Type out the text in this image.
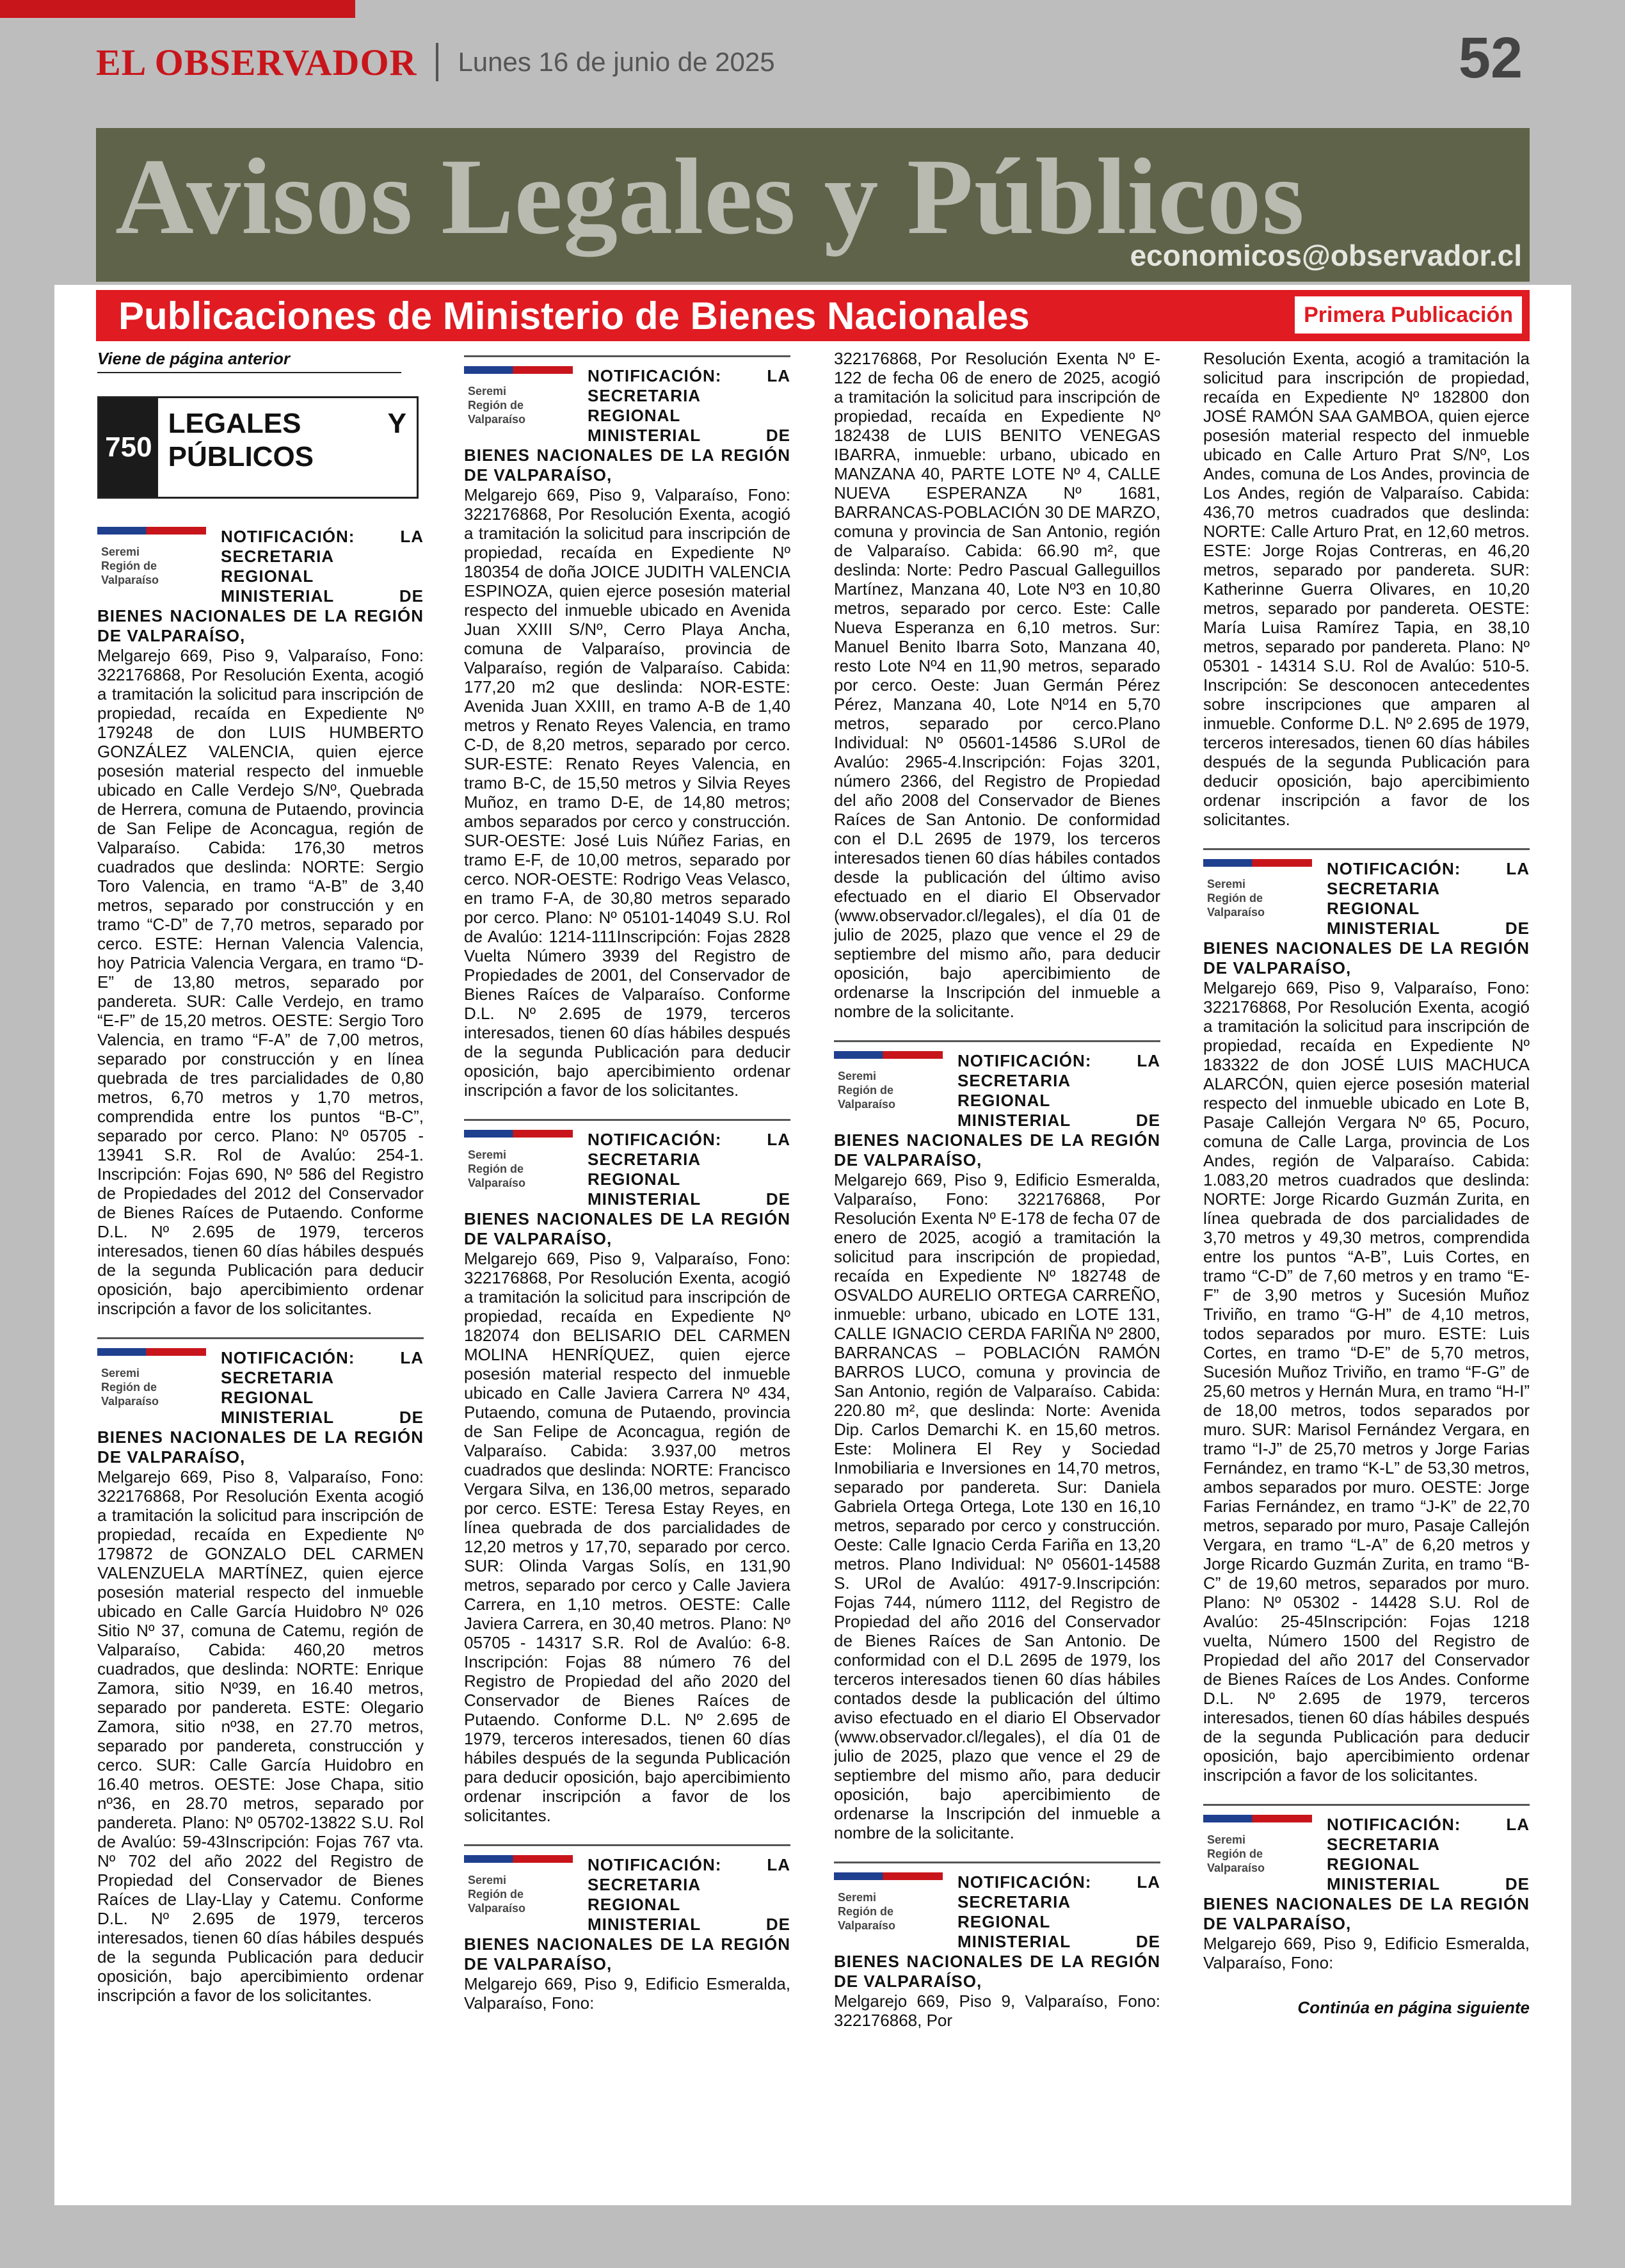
EL OBSERVADOR Lunes 16 de junio de 2025	52
Avisos Legales y Públicos
economicos@observador.cl
Publicaciones de Ministerio de Bienes Nacionales	Primera Publicación
Viene de página anterior
750
LEGALES Y PÚBLICOS
Seremi
Región de
Valparaíso
NOTIFICACIÓN: LA SECRETARIA REGIONAL MINISTERIAL DE BIENES NACIONALES DE LA REGIÓN DE VALPARAÍSO,
Melgarejo 669, Piso 9, Valparaíso, Fono: 322176868, Por Resolución Exenta, acogió a tramitación la solicitud para inscripción de propiedad, recaída en Expediente Nº 179248 de don LUIS HUMBERTO GONZÁLEZ VALENCIA, quien ejerce posesión material respecto del inmueble ubicado en Calle Verdejo S/Nº, Quebrada de Herrera, comuna de Putaendo, provincia de San Felipe de Aconcagua, región de Valparaíso. Cabida: 176,30 metros cuadrados que deslinda: NORTE: Sergio Toro Valencia, en tramo “A-B” de 3,40 metros, separado por construcción y en tramo “C-D” de 7,70 metros, separado por cerco. ESTE: Hernan Valencia Valencia, hoy Patricia Valencia Vergara, en tramo “D-E” de 13,80 metros, separado por pandereta. SUR: Calle Verdejo, en tramo “E-F” de 15,20 metros. OESTE: Sergio Toro Valencia, en tramo “F-A” de 7,00 metros, separado por construcción y en línea quebrada de tres parcialidades de 0,80 metros, 6,70 metros y 1,70 metros, comprendida entre los puntos “B-C”, separado por cerco. Plano: Nº 05705 - 13941 S.R. Rol de Avalúo: 254-1. Inscripción: Fojas 690, Nº 586 del Registro de Propiedades del 2012 del Conservador de Bienes Raíces de Putaendo. Conforme D.L. Nº 2.695 de 1979, terceros interesados, tienen 60 días hábiles después de la segunda Publicación para deducir oposición, bajo apercibimiento ordenar inscripción a favor de los solicitantes.
Seremi
Región de
Valparaíso
NOTIFICACIÓN: LA SECRETARIA REGIONAL MINISTERIAL DE BIENES NACIONALES DE LA REGIÓN DE VALPARAÍSO,
Melgarejo 669, Piso 8, Valparaíso, Fono: 322176868, Por Resolución Exenta acogió a tramitación la solicitud para inscripción de propiedad, recaída en Expediente Nº 179872 de GONZALO DEL CARMEN VALENZUELA MARTÍNEZ, quien ejerce posesión material respecto del inmueble ubicado en Calle García Huidobro Nº 026 Sitio Nº 37, comuna de Catemu, región de Valparaíso, Cabida: 460,20 metros cuadrados, que deslinda: NORTE: Enrique Zamora, sitio Nº39, en 16.40 metros, separado por pandereta. ESTE: Olegario Zamora, sitio nº38, en 27.70 metros, separado por pandereta, construcción y cerco. SUR: Calle García Huidobro en 16.40 metros. OESTE: Jose Chapa, sitio nº36, en 28.70 metros, separado por pandereta. Plano: Nº 05702-13822 S.U. Rol de Avalúo: 59-43Inscripción: Fojas 767 vta. Nº 702 del año 2022 del Registro de Propiedad del Conservador de Bienes Raíces de Llay-Llay y Catemu. Conforme D.L. Nº 2.695 de 1979, terceros interesados, tienen 60 días hábiles después de la segunda Publicación para deducir oposición, bajo apercibimiento ordenar inscripción a favor de los solicitantes.
Seremi
Región de
Valparaíso
NOTIFICACIÓN: LA SECRETARIA REGIONAL MINISTERIAL DE BIENES NACIONALES DE LA REGIÓN DE VALPARAÍSO,
Melgarejo 669, Piso 9, Valparaíso, Fono: 322176868, Por Resolución Exenta, acogió a tramitación la solicitud para inscripción de propiedad, recaída en Expediente Nº 180354 de doña JOICE JUDITH VALENCIA ESPINOZA, quien ejerce posesión material respecto del inmueble ubicado en Avenida Juan XXIII S/Nº, Cerro Playa Ancha, comuna de Valparaíso, provincia de Valparaíso, región de Valparaíso. Cabida: 177,20 m2 que deslinda: NOR-ESTE: Avenida Juan XXIII, en tramo A-B de 1,40 metros y Renato Reyes Valencia, en tramo C-D, de 8,20 metros, separado por cerco. SUR-ESTE: Renato Reyes Valencia, en tramo B-C, de 15,50 metros y Silvia Reyes Muñoz, en tramo D-E, de 14,80 metros; ambos separados por cerco y construcción. SUR-OESTE: José Luis Núñez Farias, en tramo E-F, de 10,00 metros, separado por cerco. NOR-OESTE: Rodrigo Veas Velasco, en tramo F-A, de 30,80 metros separado por cerco. Plano: Nº 05101-14049 S.U. Rol de Avalúo: 1214-111Inscripción: Fojas 2828 Vuelta Número 3939 del Registro de Propiedades de 2001, del Conservador de Bienes Raíces de Valparaíso. Conforme D.L. Nº 2.695 de 1979, terceros interesados, tienen 60 días hábiles después de la segunda Publicación para deducir oposición, bajo apercibimiento ordenar inscripción a favor de los solicitantes.
Seremi
Región de
Valparaíso
NOTIFICACIÓN: LA SECRETARIA REGIONAL MINISTERIAL DE BIENES NACIONALES DE LA REGIÓN DE VALPARAÍSO,
Melgarejo 669, Piso 9, Valparaíso, Fono: 322176868, Por Resolución Exenta, acogió a tramitación la solicitud para inscripción de propiedad, recaída en Expediente Nº 182074 don BELISARIO DEL CARMEN MOLINA HENRÍQUEZ, quien ejerce posesión material respecto del inmueble ubicado en Calle Javiera Carrera Nº 434, Putaendo, comuna de Putaendo, provincia de San Felipe de Aconcagua, región de Valparaíso. Cabida: 3.937,00 metros cuadrados que deslinda: NORTE: Francisco Vergara Silva, en 136,00 metros, separado por cerco. ESTE: Teresa Estay Reyes, en línea quebrada de dos parcialidades de 12,20 metros y 17,70, separado por cerco. SUR: Olinda Vargas Solís, en 131,90 metros, separado por cerco y Calle Javiera Carrera, en 1,10 metros. OESTE: Calle Javiera Carrera, en 30,40 metros. Plano: Nº 05705 - 14317 S.R. Rol de Avalúo: 6-8. Inscripción: Fojas 88 número 76 del Registro de Propiedad del año 2020 del Conservador de Bienes Raíces de Putaendo. Conforme D.L. Nº 2.695 de 1979, terceros interesados, tienen 60 días hábiles después de la segunda Publicación para deducir oposición, bajo apercibimiento ordenar inscripción a favor de los solicitantes.
Seremi
Región de
Valparaíso
NOTIFICACIÓN: LA SECRETARIA REGIONAL MINISTERIAL DE BIENES NACIONALES DE LA REGIÓN DE VALPARAÍSO,
Melgarejo 669, Piso 9, Edificio Esmeralda, Valparaíso, Fono:
322176868, Por Resolución Exenta Nº E-122 de fecha 06 de enero de 2025, acogió a tramitación la solicitud para inscripción de propiedad, recaída en Expediente Nº 182438 de LUIS BENITO VENEGAS IBARRA, inmueble: urbano, ubicado en MANZANA 40, PARTE LOTE Nº 4, CALLE NUEVA ESPERANZA Nº 1681, BARRANCAS-POBLACIÓN 30 DE MARZO, comuna y provincia de San Antonio, región de Valparaíso. Cabida: 66.90 m², que deslinda: Norte: Pedro Pascual Galleguillos Martínez, Manzana 40, Lote Nº3 en 10,80 metros, separado por cerco. Este: Calle Nueva Esperanza en 6,10 metros. Sur: Manuel Benito Ibarra Soto, Manzana 40, resto Lote Nº4 en 11,90 metros, separado por cerco. Oeste: Juan Germán Pérez Pérez, Manzana 40, Lote Nº14 en 5,70 metros, separado por cerco.Plano Individual: Nº 05601-14586 S.URol de Avalúo: 2965-4.Inscripción: Fojas 3201, número 2366, del Registro de Propiedad del año 2008 del Conservador de Bienes Raíces de San Antonio. De conformidad con el D.L 2695 de 1979, los terceros interesados tienen 60 días hábiles contados desde la publicación del último aviso efectuado en el diario El Observador (www.observador.cl/legales), el día 01 de julio de 2025, plazo que vence el 29 de septiembre del mismo año, para deducir oposición, bajo apercibimiento de ordenarse la Inscripción del inmueble a nombre de la solicitante.
Seremi
Región de
Valparaíso
NOTIFICACIÓN: LA SECRETARIA REGIONAL MINISTERIAL DE BIENES NACIONALES DE LA REGIÓN DE VALPARAÍSO,
Melgarejo 669, Piso 9, Edificio Esmeralda, Valparaíso, Fono: 322176868, Por Resolución Exenta Nº E-178 de fecha 07 de enero de 2025, acogió a tramitación la solicitud para inscripción de propiedad, recaída en Expediente Nº 182748 de OSVALDO AURELIO ORTEGA CARREÑO, inmueble: urbano, ubicado en LOTE 131, CALLE IGNACIO CERDA FARIÑA Nº 2800, BARRANCAS – POBLACIÓN RAMÓN BARROS LUCO, comuna y provincia de San Antonio, región de Valparaíso. Cabida: 220.80 m², que deslinda: Norte: Avenida Dip. Carlos Demarchi K. en 15,60 metros. Este: Molinera El Rey y Sociedad Inmobiliaria e Inversiones en 14,70 metros, separado por pandereta. Sur: Daniela Gabriela Ortega Ortega, Lote 130 en 16,10 metros, separado por cerco y construcción. Oeste: Calle Ignacio Cerda Fariña en 13,20 metros. Plano Individual: Nº 05601-14588 S. URol de Avalúo: 4917-9.Inscripción: Fojas 744, número 1112, del Registro de Propiedad del año 2016 del Conservador de Bienes Raíces de San Antonio. De conformidad con el D.L 2695 de 1979, los terceros interesados tienen 60 días hábiles contados desde la publicación del último aviso efectuado en el diario El Observador (www.observador.cl/legales), el día 01 de julio de 2025, plazo que vence el 29 de septiembre del mismo año, para deducir oposición, bajo apercibimiento de ordenarse la Inscripción del inmueble a nombre de la solicitante.
Seremi
Región de
Valparaíso
NOTIFICACIÓN: LA SECRETARIA REGIONAL MINISTERIAL DE BIENES NACIONALES DE LA REGIÓN DE VALPARAÍSO,
Melgarejo 669, Piso 9, Valparaíso, Fono: 322176868, Por
Resolución Exenta, acogió a tramitación la solicitud para inscripción de propiedad, recaída en Expediente Nº 182800 don JOSÉ RAMÓN SAA GAMBOA, quien ejerce posesión material respecto del inmueble ubicado en Calle Arturo Prat S/Nº, Los Andes, comuna de Los Andes, provincia de Los Andes, región de Valparaíso. Cabida: 436,70 metros cuadrados que deslinda: NORTE: Calle Arturo Prat, en 12,60 metros. ESTE: Jorge Rojas Contreras, en 46,20 metros, separado por pandereta. SUR: Katherinne Guerra Olivares, en 10,20 metros, separado por pandereta. OESTE: María Luisa Ramírez Tapia, en 38,10 metros, separado por pandereta. Plano: Nº 05301 - 14314 S.U. Rol de Avalúo: 510-5. Inscripción: Se desconocen antecedentes sobre inscripciones que amparen al inmueble. Conforme D.L. Nº 2.695 de 1979, terceros interesados, tienen 60 días hábiles después de la segunda Publicación para deducir oposición, bajo apercibimiento ordenar inscripción a favor de los solicitantes.
Seremi
Región de
Valparaíso
NOTIFICACIÓN: LA SECRETARIA REGIONAL MINISTERIAL DE BIENES NACIONALES DE LA REGIÓN DE VALPARAÍSO,
Melgarejo 669, Piso 9, Valparaíso, Fono: 322176868, Por Resolución Exenta, acogió a tramitación la solicitud para inscripción de propiedad, recaída en Expediente Nº 183322 de don JOSÉ LUIS MACHUCA ALARCÓN, quien ejerce posesión material respecto del inmueble ubicado en Lote B, Pasaje Callejón Vergara Nº 65, Pocuro, comuna de Calle Larga, provincia de Los Andes, región de Valparaíso. Cabida: 1.083,20 metros cuadrados que deslinda: NORTE: Jorge Ricardo Guzmán Zurita, en línea quebrada de dos parcialidades de 3,70 metros y 49,30 metros, comprendida entre los puntos “A-B”, Luis Cortes, en tramo “C-D” de 7,60 metros y en tramo “E-F” de 3,90 metros y Sucesión Muñoz Triviño, en tramo “G-H” de 4,10 metros, todos separados por muro. ESTE: Luis Cortes, en tramo “D-E” de 5,70 metros, Sucesión Muñoz Triviño, en tramo “F-G” de 25,60 metros y Hernán Mura, en tramo “H-I” de 18,00 metros, todos separados por muro. SUR: Marisol Fernández Vergara, en tramo “I-J” de 25,70 metros y Jorge Farias Fernández, en tramo “K-L” de 53,30 metros, ambos separados por muro. OESTE: Jorge Farias Fernández, en tramo “J-K” de 22,70 metros, separado por muro, Pasaje Callejón Vergara, en tramo “L-A” de 6,20 metros y Jorge Ricardo Guzmán Zurita, en tramo “B-C” de 19,60 metros, separados por muro. Plano: Nº 05302 - 14428 S.U. Rol de Avalúo: 25-45Inscripción: Fojas 1218 vuelta, Número 1500 del Registro de Propiedad del año 2017 del Conservador de Bienes Raíces de Los Andes. Conforme D.L. Nº 2.695 de 1979, terceros interesados, tienen 60 días hábiles después de la segunda Publicación para deducir oposición, bajo apercibimiento ordenar inscripción a favor de los solicitantes.
Seremi
Región de
Valparaíso
NOTIFICACIÓN: LA SECRETARIA REGIONAL MINISTERIAL DE BIENES NACIONALES DE LA REGIÓN DE VALPARAÍSO,
Melgarejo 669, Piso 9, Edificio Esmeralda, Valparaíso, Fono:
Continúa en página siguiente
